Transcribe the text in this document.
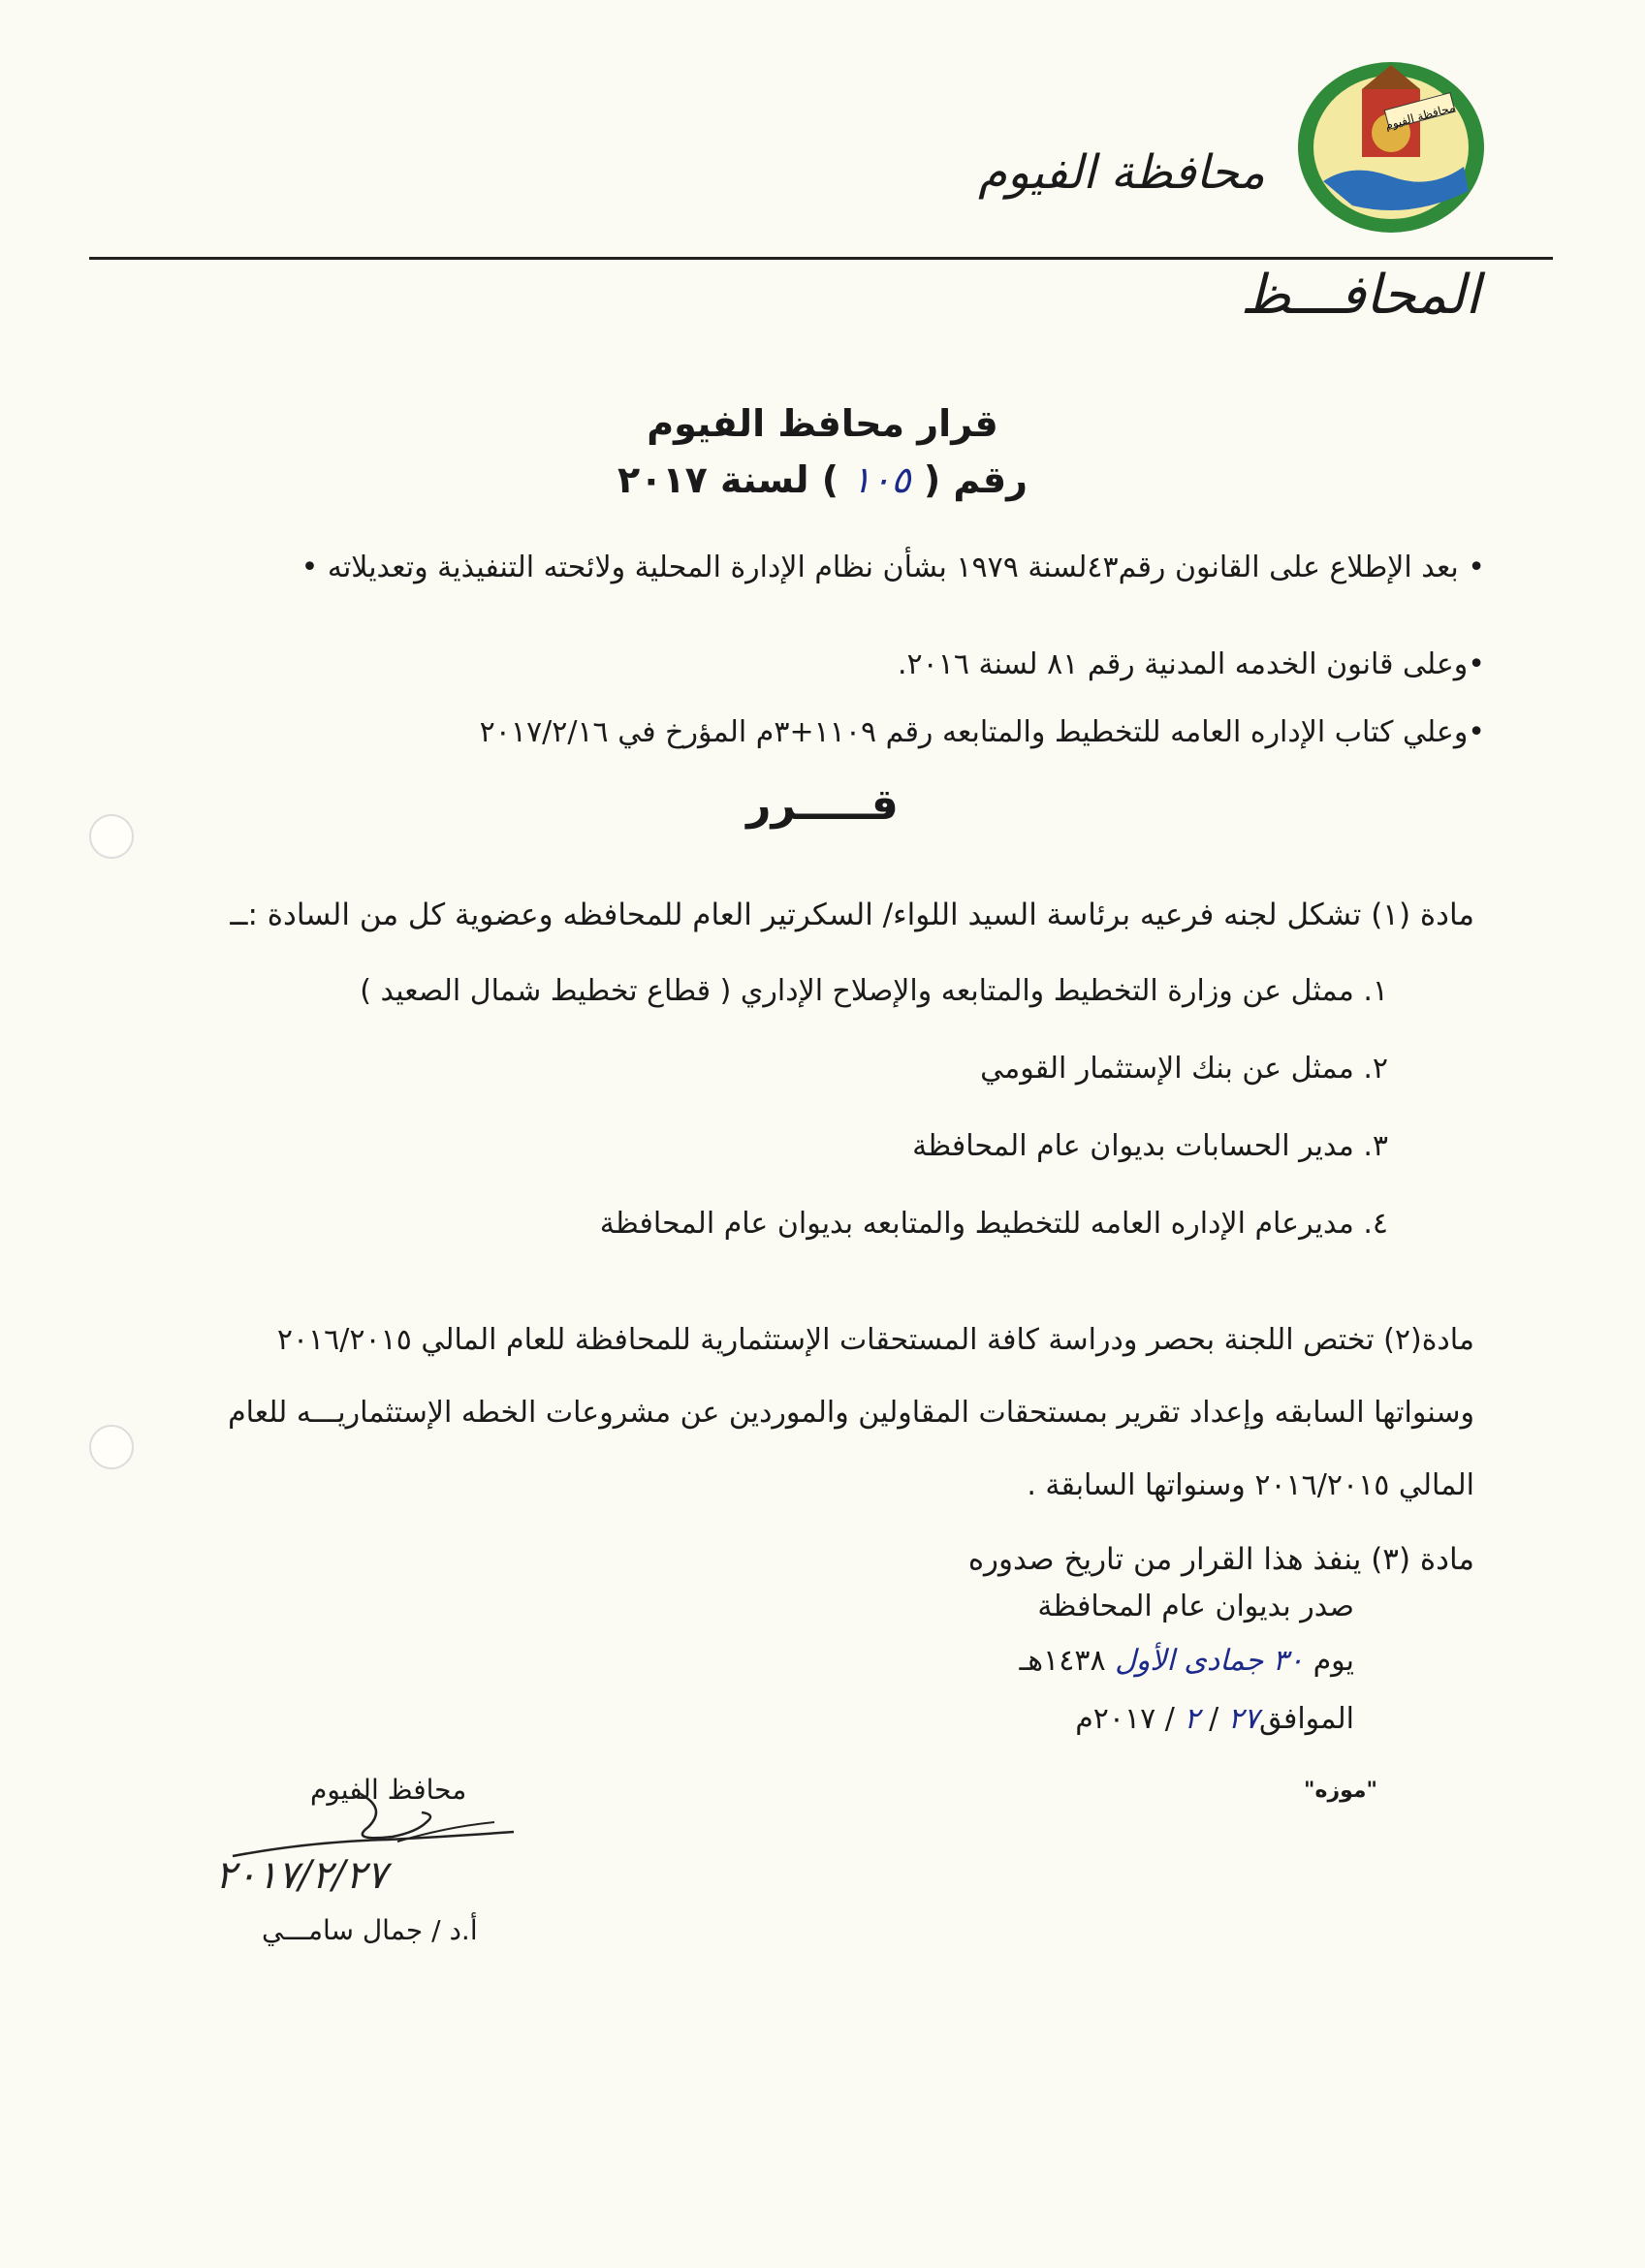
محافظة الفيوم
محافظة الفيوم
المحافـــظ
قرار محافظ الفيوم
رقم ( ١٠٥ ) لسنة ٢٠١٧
• بعد الإطلاع على القانون رقم٤٣لسنة ١٩٧٩ بشأن نظام الإدارة المحلية ولائحته التنفيذية وتعديلاته •
•وعلى قانون الخدمه المدنية رقم ٨١ لسنة ٢٠١٦.
•وعلي كتاب الإداره العامه للتخطيط والمتابعه رقم ١١٠٩+٣م المؤرخ في ٢٠١٧/٢/١٦
قـــــرر
مادة (١) تشكل لجنه فرعيه برئاسة السيد اللواء/ السكرتير العام للمحافظه وعضوية كل من السادة :ــ
١. ممثل عن وزارة التخطيط والمتابعه والإصلاح الإداري ( قطاع تخطيط شمال الصعيد )
٢. ممثل عن بنك الإستثمار القومي
٣. مدير الحسابات بديوان عام المحافظة
٤. مديرعام الإداره العامه للتخطيط والمتابعه بديوان عام المحافظة
مادة(٢) تختص اللجنة بحصر ودراسة كافة المستحقات الإستثمارية للمحافظة للعام المالي ٢٠١٦/٢٠١٥ وسنواتها السابقه وإعداد تقرير بمستحقات المقاولين والموردين عن مشروعات الخطه الإستثماريـــه للعام المالي ٢٠١٦/٢٠١٥ وسنواتها السابقة .
مادة (٣) ينفذ هذا القرار من تاريخ صدوره
صدر بديوان عام المحافظة
يوم ٣٠ جمادى الأول ١٤٣٨هـ
الموافق٢٧ / ٢ / ٢٠١٧م
"موزه"
محافظ الفيوم
٢٠١٧/٢/٢٧
أ.د / جمال سامـــي
